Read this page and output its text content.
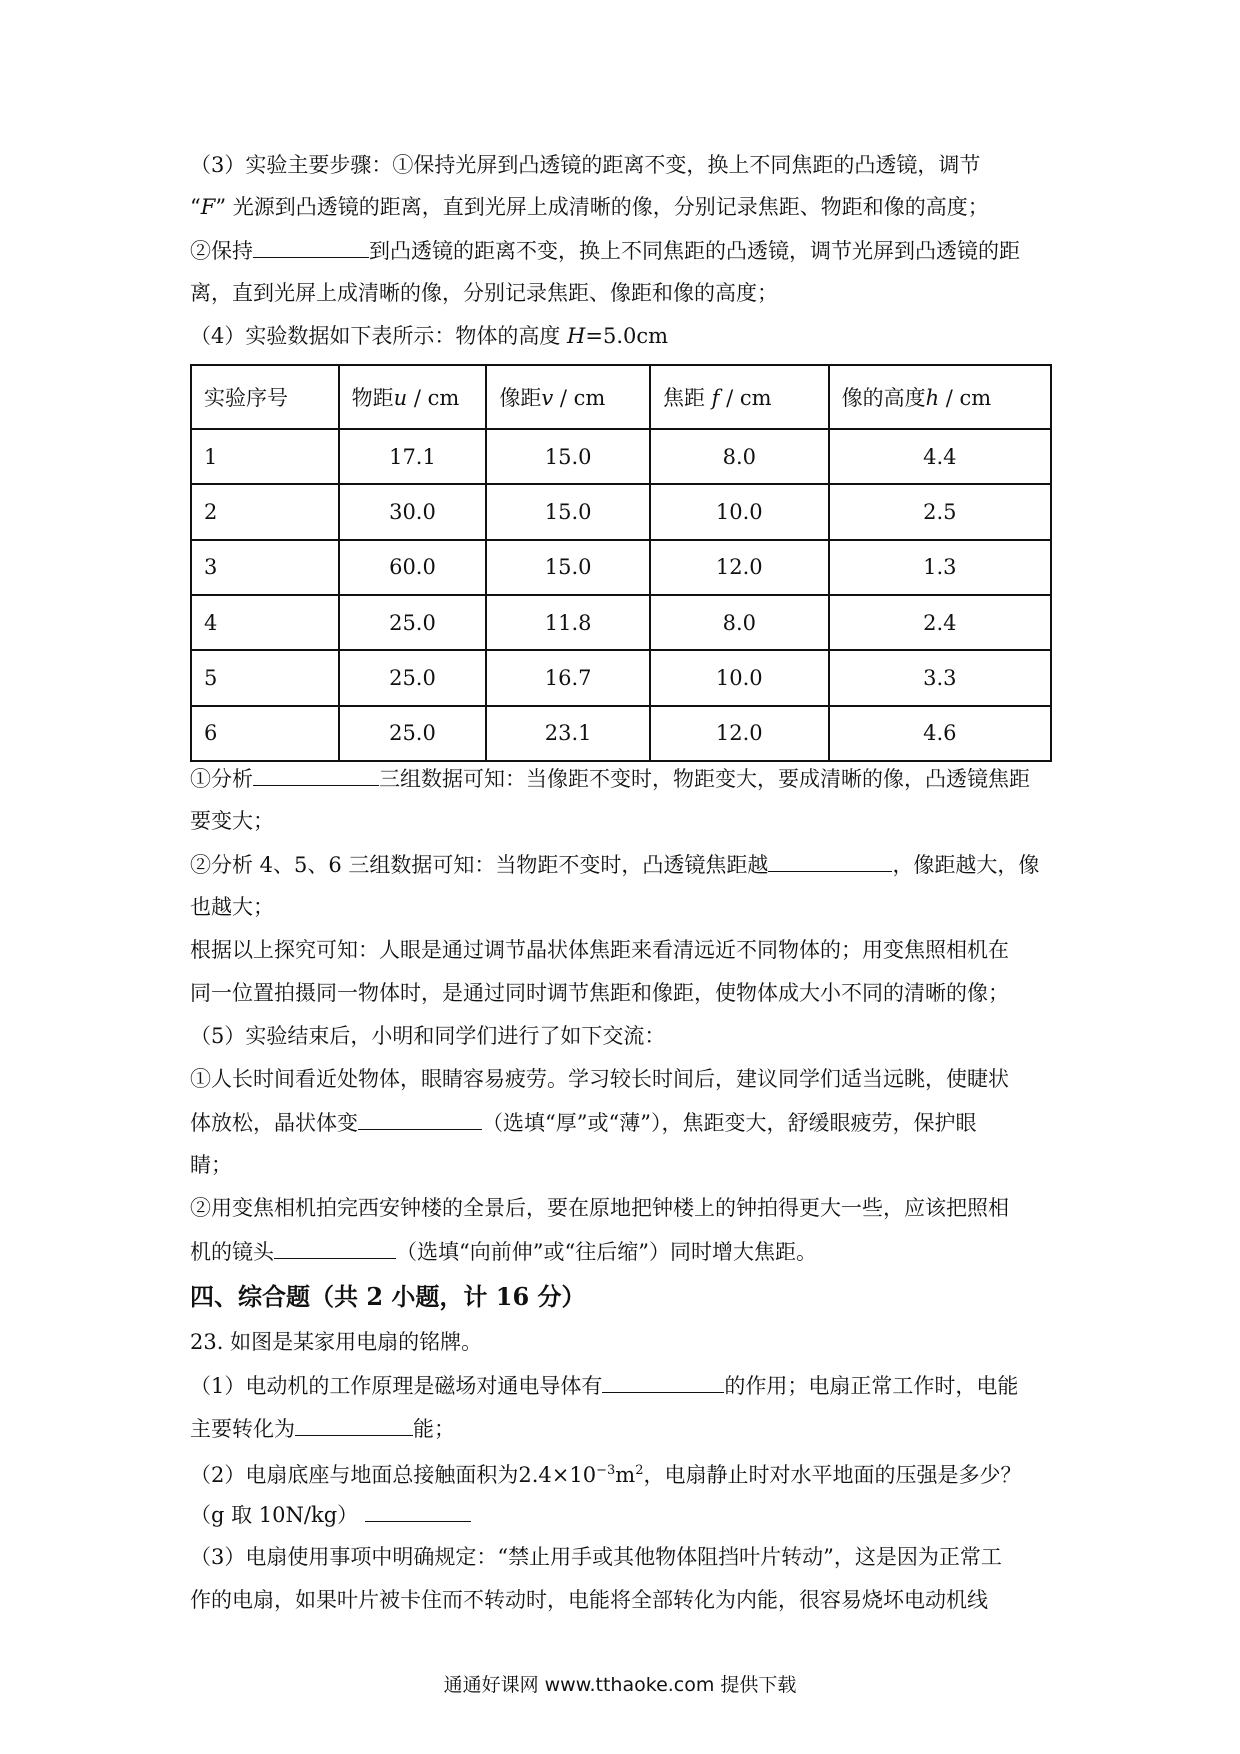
（3）实验主要步骤：①保持光屏到凸透镜的距离不变，换上不同焦距的凸透镜，调节
“F” 光源到凸透镜的距离，直到光屏上成清晰的像，分别记录焦距、物距和像的高度；
②保持	到凸透镜的距离不变，换上不同焦距的凸透镜，调节光屏到凸透镜的距
离，直到光屏上成清晰的像，分别记录焦距、像距和像的高度；
（4）实验数据如下表所示：物体的高度 H=5.0cm
实验序号	物距u / cm	像距v / cm	焦距 f / cm	像的高度h / cm
1	17.1	15.0	8.0	4.4
2	30.0	15.0	10.0	2.5
3	60.0	15.0	12.0	1.3
4	25.0	11.8	8.0	2.4
5	25.0	16.7	10.0	3.3
6	25.0	23.1	12.0	4.6
①分析	三组数据可知：当像距不变时，物距变大，要成清晰的像，凸透镜焦距
要变大；
②分析 4、5、6 三组数据可知：当物距不变时，凸透镜焦距越	，像距越大，像
也越大；
根据以上探究可知：人眼是通过调节晶状体焦距来看清远近不同物体的；用变焦照相机在
同一位置拍摄同一物体时，是通过同时调节焦距和像距，使物体成大小不同的清晰的像；
（5）实验结束后，小明和同学们进行了如下交流：
①人长时间看近处物体，眼睛容易疲劳。学习较长时间后，建议同学们适当远眺，使睫状
体放松，晶状体变	（选填“厚”或“薄”），焦距变大，舒缓眼疲劳，保护眼
睛；
②用变焦相机拍完西安钟楼的全景后，要在原地把钟楼上的钟拍得更大一些，应该把照相
机的镜头	（选填“向前伸”或“往后缩”）同时增大焦距。
四、综合题（共 2 小题，计 16 分）
23. 如图是某家用电扇的铭牌。
（1）电动机的工作原理是磁场对通电导体有	的作用；电扇正常工作时，电能
主要转化为	能；
（2）电扇底座与地面总接触面积为$2.4\times 10^{-3}m^2$，电扇静止时对水平地面的压强是多少？
（g 取 10N/kg）
（3）电扇使用事项中明确规定：“禁止用手或其他物体阻挡叶片转动”，这是因为正常工
作的电扇，如果叶片被卡住而不转动时，电能将全部转化为内能，很容易烧坏电动机线
通通好课网 www.tthaoke.com 提供下载
